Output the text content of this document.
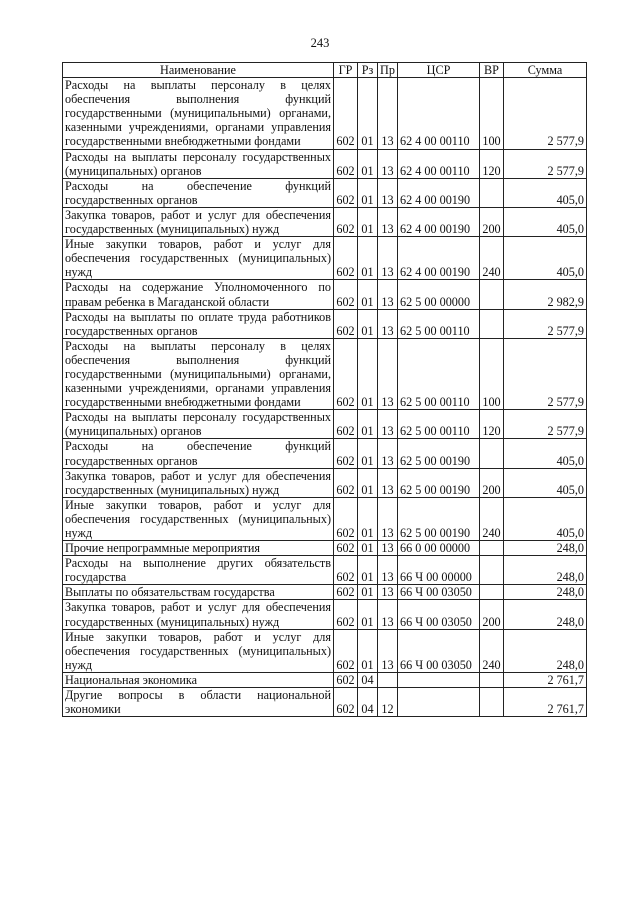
243
Наименование	ГР	Рз	Пр	ЦСР	ВР	Сумма
Расходы на выплаты персоналу в целях обеспечения выполнения функций государственными (муниципальными) органами, казенными учреждениями, органами управления государственными внебюджетными фондами	602	01	13	62 4 00 00110	100	2 577,9
Расходы на выплаты персоналу государственных (муниципальных) органов	602	01	13	62 4 00 00110	120	2 577,9
Расходы на обеспечение функций государственных органов	602	01	13	62 4 00 00190		405,0
Закупка товаров, работ и услуг для обеспечения государственных (муниципальных) нужд	602	01	13	62 4 00 00190	200	405,0
Иные закупки товаров, работ и услуг для обеспечения государственных (муниципальных) нужд	602	01	13	62 4 00 00190	240	405,0
Расходы на содержание Уполномоченного по правам ребенка в Магаданской области	602	01	13	62 5 00 00000		2 982,9
Расходы на выплаты по оплате труда работников государственных органов	602	01	13	62 5 00 00110		2 577,9
Расходы на выплаты персоналу в целях обеспечения выполнения функций государственными (муниципальными) органами, казенными учреждениями, органами управления государственными внебюджетными фондами	602	01	13	62 5 00 00110	100	2 577,9
Расходы на выплаты персоналу государственных (муниципальных) органов	602	01	13	62 5 00 00110	120	2 577,9
Расходы на обеспечение функций государственных органов	602	01	13	62 5 00 00190		405,0
Закупка товаров, работ и услуг для обеспечения государственных (муниципальных) нужд	602	01	13	62 5 00 00190	200	405,0
Иные закупки товаров, работ и услуг для обеспечения государственных (муниципальных) нужд	602	01	13	62 5 00 00190	240	405,0
Прочие непрограммные мероприятия	602	01	13	66 0 00 00000		248,0
Расходы на выполнение других обязательств государства	602	01	13	66 Ч 00 00000		248,0
Выплаты по обязательствам государства	602	01	13	66 Ч 00 03050		248,0
Закупка товаров, работ и услуг для обеспечения государственных (муниципальных) нужд	602	01	13	66 Ч 00 03050	200	248,0
Иные закупки товаров, работ и услуг для обеспечения государственных (муниципальных) нужд	602	01	13	66 Ч 00 03050	240	248,0
Национальная экономика	602	04				2 761,7
Другие вопросы в области национальной экономики	602	04	12			2 761,7
